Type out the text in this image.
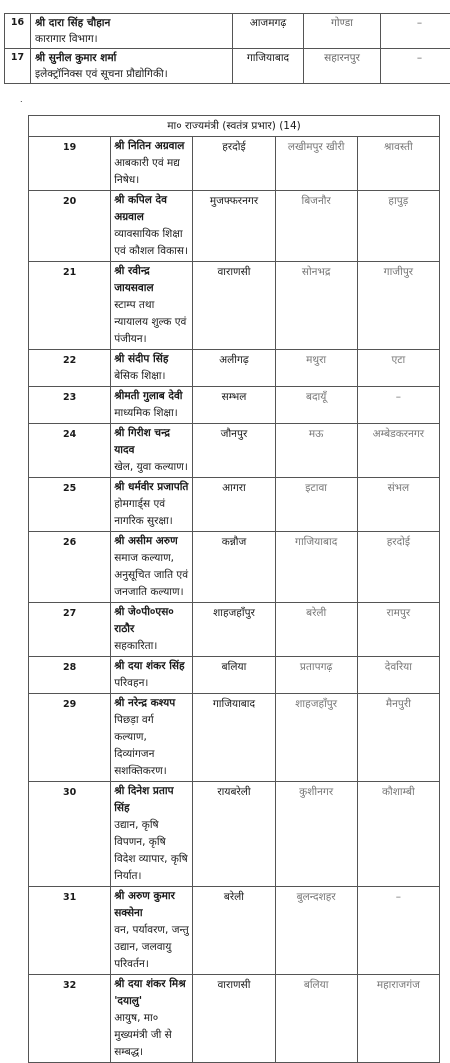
16	श्री दारा सिंह चौहान
कारागार विभाग।	आजमगढ़	गोण्डा	–
17	श्री सुनील कुमार शर्मा
इलेक्ट्रॉनिक्स एवं सूचना प्रौद्योगिकी।	गाजियाबाद	सहारनपुर	–
.
मा० राज्यमंत्री (स्वतंत्र प्रभार) (14)				
19	श्री नितिन अग्रवाल
आबकारी एवं मद्य निषेध।	हरदोई	लखीमपुर खीरी	श्रावस्ती
20	श्री कपिल देव अग्रवाल
व्यावसायिक शिक्षा एवं कौशल विकास।	मुजफ्फरनगर	बिजनौर	हापुड़
21	श्री रवीन्द्र जायसवाल
स्टाम्प तथा न्यायालय शुल्क एवं पंजीयन।	वाराणसी	सोनभद्र	गाजीपुर
22	श्री संदीप सिंह
बेसिक शिक्षा।	अलीगढ़	मथुरा	एटा
23	श्रीमती गुलाब देवी
माध्यमिक शिक्षा।	सम्भल	बदायूँ	–
24	श्री गिरीश चन्द्र यादव
खेल, युवा कल्याण।	जौनपुर	मऊ	अम्बेडकरनगर
25	श्री धर्मवीर प्रजापति
होमगार्ड्स एवं नागरिक सुरक्षा।	आगरा	इटावा	संभल
26	श्री असीम अरुण
समाज कल्याण, अनुसूचित जाति एवं जनजाति कल्याण।	कन्नौज	गाजियाबाद	हरदोई
27	श्री जे०पी०एस० राठौर
सहकारिता।	शाहजहाँपुर	बरेली	रामपुर
28	श्री दया शंकर सिंह
परिवहन।	बलिया	प्रतापगढ़	देवरिया
29	श्री नरेन्द्र कश्यप
पिछड़ा वर्ग कल्याण, दिव्यांगजन सशक्तिकरण।	गाजियाबाद	शाहजहाँपुर	मैनपुरी
30	श्री दिनेश प्रताप सिंह
उद्यान, कृषि विपणन, कृषि विदेश व्यापार, कृषि निर्यात।	रायबरेली	कुशीनगर	कौशाम्बी
31	श्री अरुण कुमार सक्सेना
वन, पर्यावरण, जन्तु उद्यान, जलवायु परिवर्तन।	बरेली	बुलन्दशहर	–
32	श्री दया शंकर मिश्र 'दयालु'
आयुष, मा० मुख्यमंत्री जी से सम्बद्ध।	वाराणसी	बलिया	महाराजगंज
